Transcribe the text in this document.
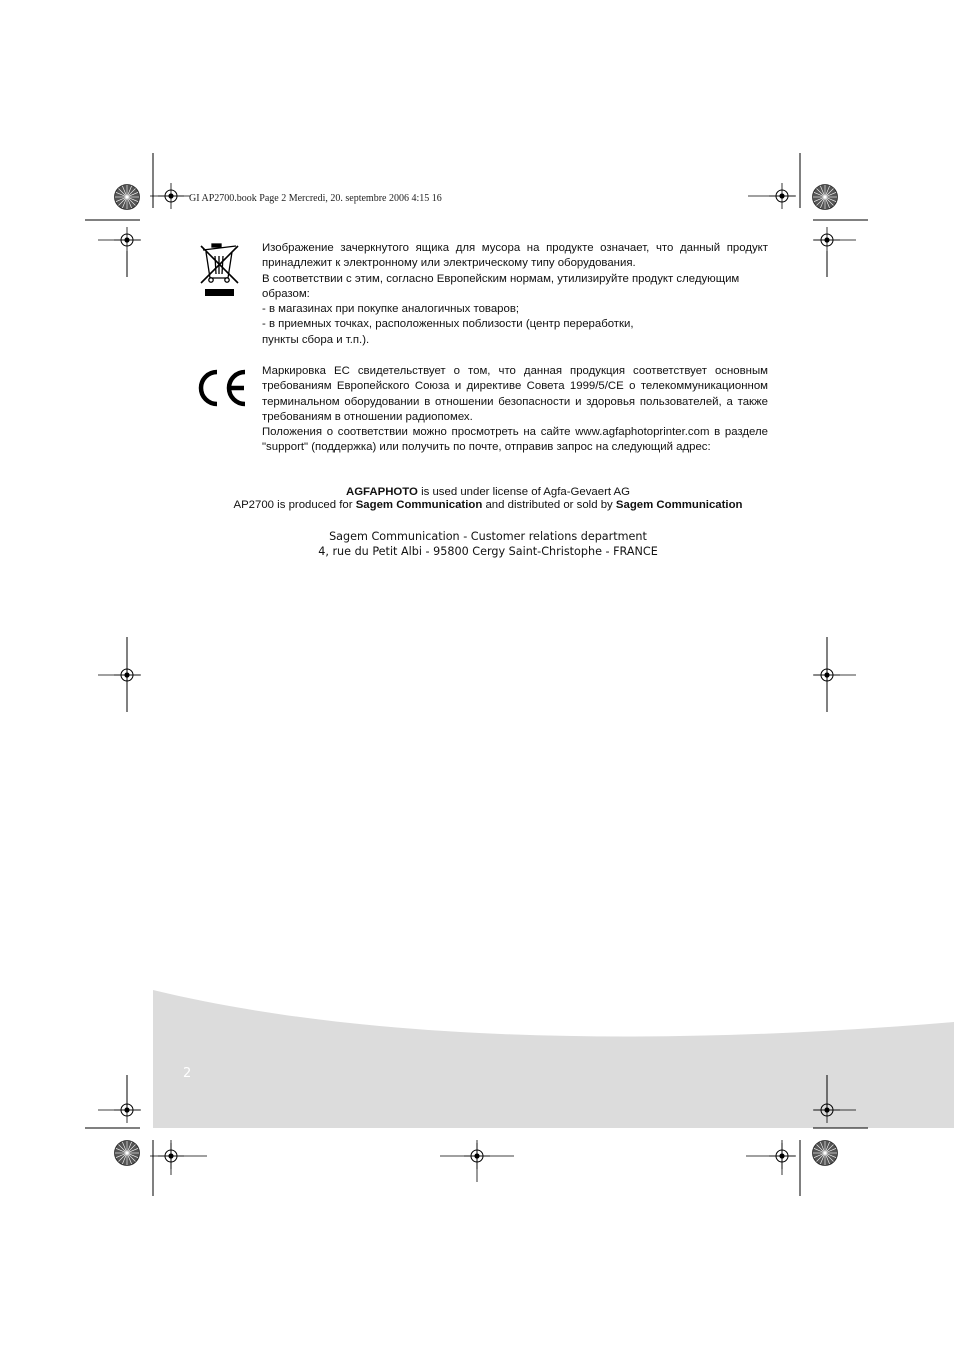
GI AP2700.book Page 2 Mercredi, 20. septembre 2006 4:15 16

Изображение зачеркнутого ящика для мусора на продукте означает, что данный продукт принадлежит к электронному или электрическому типу оборудования.

В соответствии с этим, согласно Европейским нормам, утилизируйте продукт следующим образом:

- в магазинах при покупке аналогичных товаров;

- в приемных точках, расположенных поблизости (центр переработки, пункты сбора и т.п.).

Маркировка ЕС свидетельствует о том, что данная продукция соответствует основным требованиям Европейского Союза и директиве Совета 1999/5/CE о телекоммуникационном терминальном оборудовании в отношении безопасности и здоровья пользователей, а также требованиям в отношении радиопомех.

Положения о соответствии можно просмотреть на сайте www.agfaphotoprinter.com в разделе "support" (поддержка) или получить по почте, отправив запрос на следующий адрес:

AGFAPHOTO is used under license of Agfa-Gevaert AG
AP2700 is produced for Sagem Communication and distributed or sold by Sagem Communication
Sagem Communication - Customer relations department
4, rue du Petit Albi - 95800 Cergy Saint-Christophe - FRANCE
2
